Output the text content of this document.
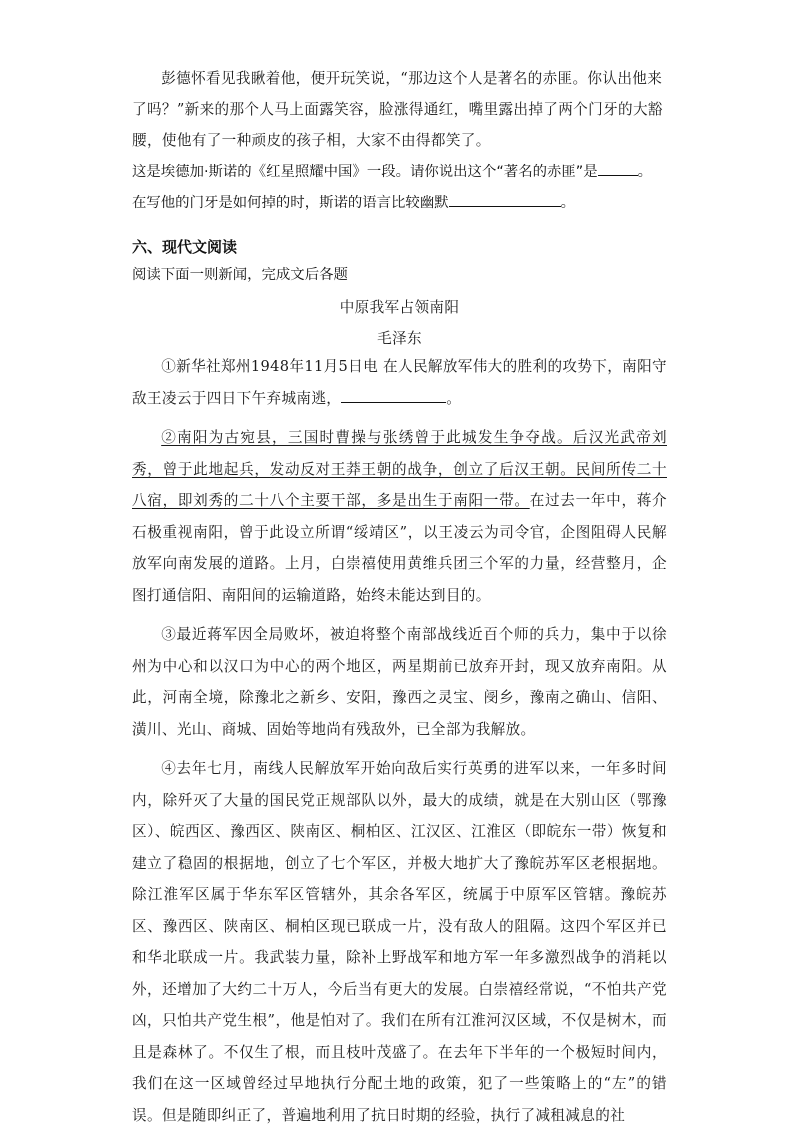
彭德怀看见我瞅着他，便开玩笑说，“那边这个人是著名的赤匪。你认出他来了吗？”新来的那个人马上面露笑容，脸涨得通红，嘴里露出掉了两个门牙的大豁腰，使他有了一种顽皮的孩子相，大家不由得都笑了。

这是埃德加·斯诺的《红星照耀中国》一段。请你说出这个“著名的赤匪”是	。
在写他的门牙是如何掉的时，斯诺的语言比较幽默	。
六、现代文阅读
阅读下面一则新闻，完成文后各题
中原我军占领南阳
毛泽东

①新华社郑州1948年11月5日电 在人民解放军伟大的胜利的攻势下，南阳守敌王凌云于四日下午弃城南逃，	。

②南阳为古宛县，三国时曹操与张绣曾于此城发生争夺战。后汉光武帝刘秀，曾于此地起兵，发动反对王莽王朝的战争，创立了后汉王朝。民间所传二十八宿，即刘秀的二十八个主要干部，多是出生于南阳一带。在过去一年中，蒋介石极重视南阳，曾于此设立所谓“绥靖区”，以王凌云为司令官，企图阻碍人民解放军向南发展的道路。上月，白崇禧使用黄维兵团三个军的力量，经营整月，企图打通信阳、南阳间的运输道路，始终未能达到目的。

③最近蒋军因全局败坏，被迫将整个南部战线近百个师的兵力，集中于以徐州为中心和以汉口为中心的两个地区，两星期前已放弃开封，现又放弃南阳。从此，河南全境，除豫北之新乡、安阳，豫西之灵宝、阌乡，豫南之确山、信阳、潢川、光山、商城、固始等地尚有残敌外，已全部为我解放。

④去年七月，南线人民解放军开始向敌后实行英勇的进军以来，一年多时间内，除歼灭了大量的国民党正规部队以外，最大的成绩，就是在大别山区（鄂豫区）、皖西区、豫西区、陕南区、桐柏区、江汉区、江淮区（即皖东一带）恢复和建立了稳固的根据地，创立了七个军区，并极大地扩大了豫皖苏军区老根据地。除江淮军区属于华东军区管辖外，其余各军区，统属于中原军区管辖。豫皖苏区、豫西区、陕南区、桐柏区现已联成一片，没有敌人的阻隔。这四个军区并已和华北联成一片。我武装力量，除补上野战军和地方军一年多激烈战争的消耗以外，还增加了大约二十万人，今后当有更大的发展。白崇禧经常说，“不怕共产党凶，只怕共产党生根”，他是怕对了。我们在所有江淮河汉区域，不仅是树木，而且是森林了。不仅生了根，而且枝叶茂盛了。在去年下半年的一个极短时间内，我们在这一区域曾经过早地执行分配土地的政策，犯了一些策略上的“左”的错误。但是随即纠正了，普遍地利用了抗日时期的经验，执行了减租减息的社
